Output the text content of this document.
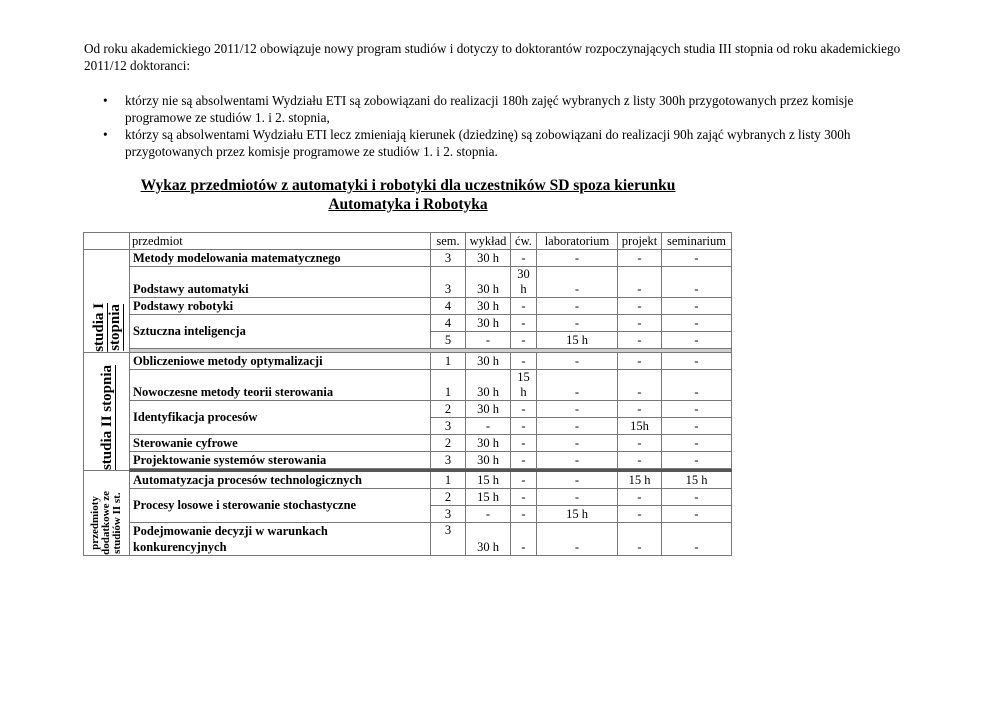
Od roku akademickiego 2011/12 obowiązuje nowy program studiów i dotyczy to doktorantów rozpoczynających studia III stopnia od roku akademickiego 2011/12 doktoranci:
• którzy nie są absolwentami Wydziału ETI są zobowiązani do realizacji 180h zajęć wybranych z listy 300h przygotowanych przez komisje programowe ze studiów 1. i 2. stopnia,
• którzy są absolwentami Wydziału ETI lecz zmieniają kierunek (dziedzinę) są zobowiązani do realizacji 90h zająć wybranych z listy 300h przygotowanych przez komisje programowe ze studiów 1. i 2. stopnia.
Wykaz przedmiotów z automatyki i robotyki dla uczestników SD spoza kierunku
Automatyka i Robotyka
	przedmiot	sem.	wykład	ćw.	laboratorium	projekt	seminarium

studia I
stopnia	Metody modelowania matematycznego	3	30 h	-	-	-	-
	Podstawy automatyki	3	30 h	30
h	-	-	-
	Podstawy robotyki	4	30 h	-	-	-	-
	Sztuczna inteligencja	4	30 h	-	-	-	-
		5	-	-	15 h	-	-

studia II stopnia	Obliczeniowe metody optymalizacji	1	30 h	-	-	-	-
	Nowoczesne metody teorii sterowania	1	30 h	15
h	-	-	-
	Identyfikacja procesów	2	30 h	-	-	-	-
		3	-	-	-	15h	-
	Sterowanie cyfrowe	2	30 h	-	-	-	-
	Projektowanie systemów sterowania	3	30 h	-	-	-	-

przedmioty
dodatkowe ze
studiów II st.	Automatyzacja procesów technologicznych	1	15 h	-	-	15 h	15 h
	Procesy losowe i sterowanie stochastyczne	2	15 h	-	-	-	-
		3	-	-	15 h	-	-
	Podejmowanie decyzji w warunkach
konkurencyjnych	3	30 h	-	-	-	-
